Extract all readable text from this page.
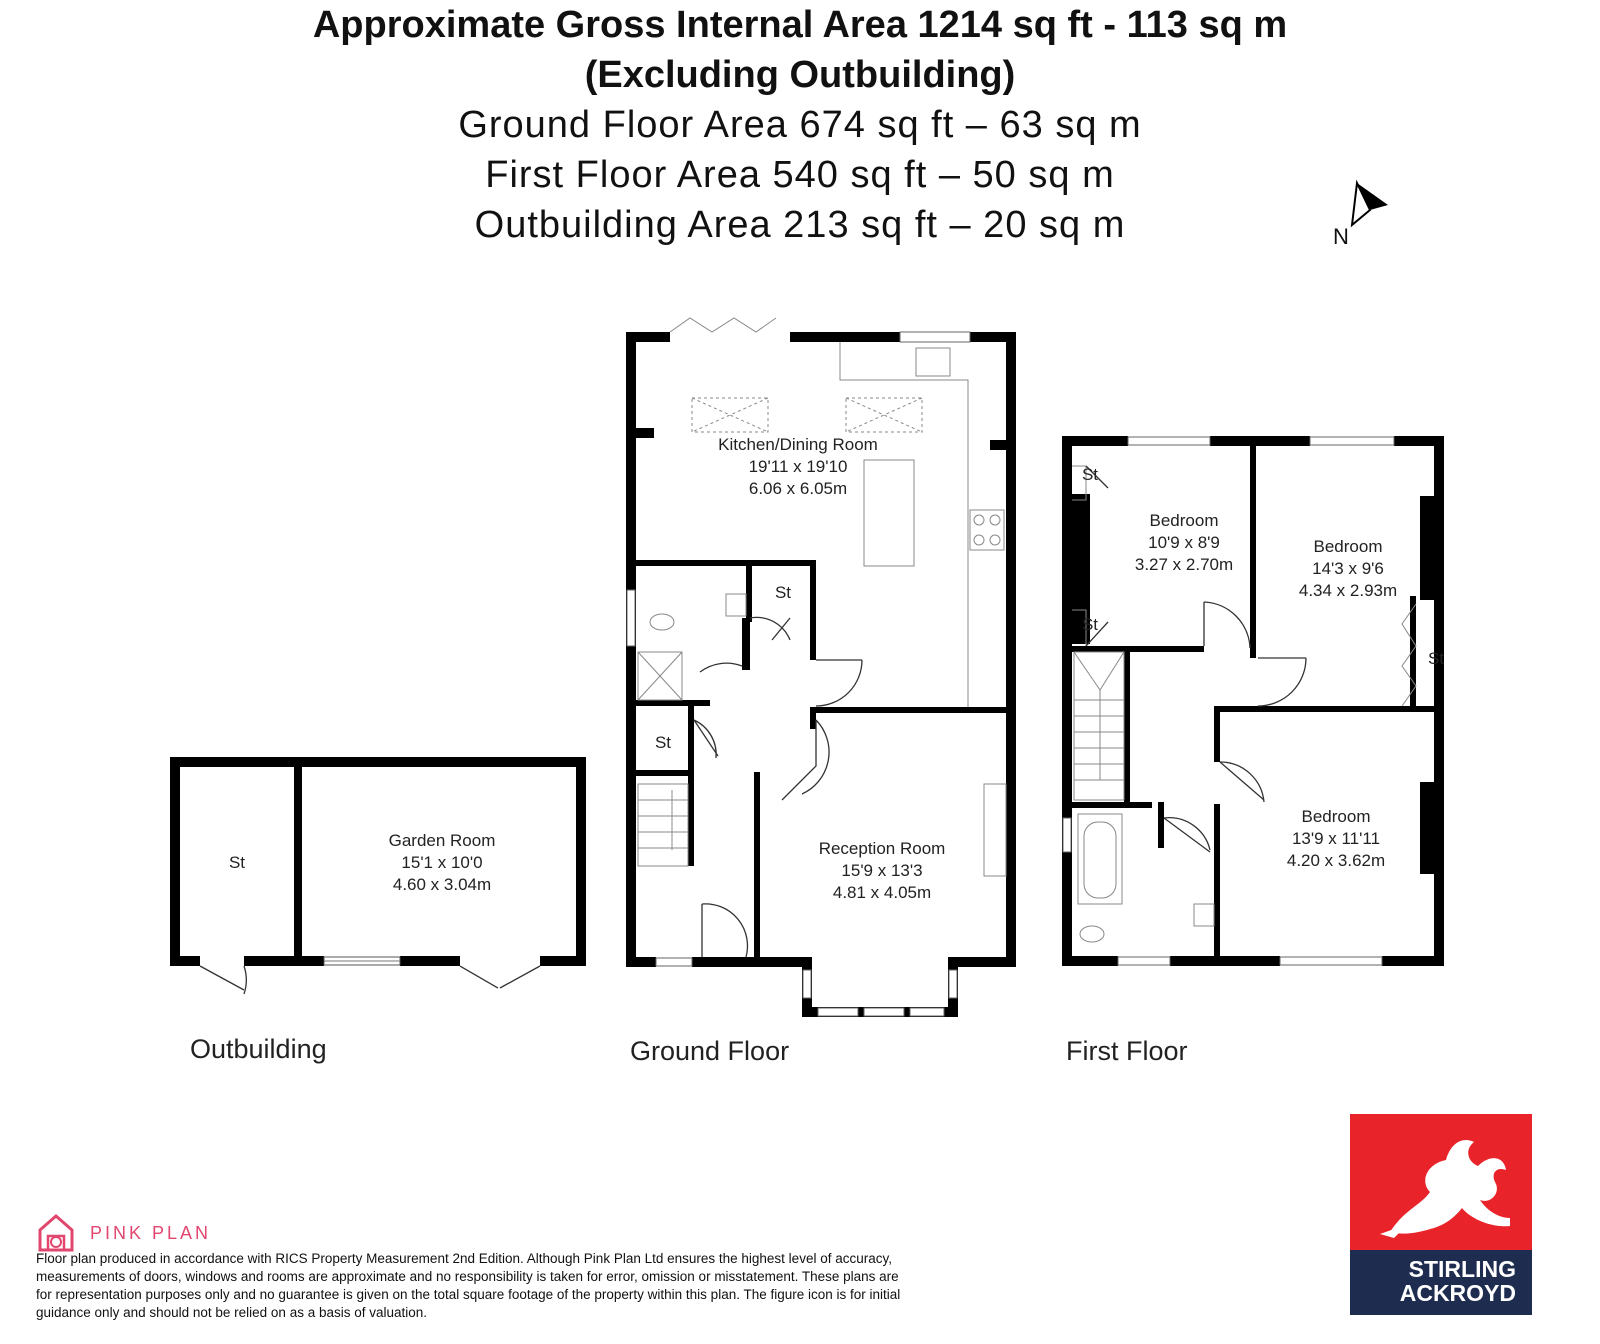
Approximate Gross Internal Area 1214 sq ft - 113 sq m
(Excluding Outbuilding)
Ground Floor Area 674 sq ft – 63 sq m
First Floor Area 540 sq ft – 50 sq m
Outbuilding Area 213 sq ft – 20 sq m	N
Kitchen/Dining Room
19'11 x 19'10
6.06 x 6.05m
Reception Room
15'9 x 13'3
4.81 x 4.05m
Garden Room
15'1 x 10'0
4.60 x 3.04m
Bedroom
10'9 x 8'9
3.27 x 2.70m
Bedroom
14'3 x 9'6
4.34 x 2.93m
Bedroom
13'9 x 11'11
4.20 x 3.62m
St
St
St
St
St
St
Outbuilding	Ground Floor	First Floor
PINK PLAN
Floor plan produced in accordance with RICS Property Measurement 2nd Edition. Although Pink Plan Ltd ensures the highest level of accuracy, measurements of doors, windows and rooms are approximate and no responsibility is taken for error, omission or misstatement. These plans are for representation purposes only and no guarantee is given on the total square footage of the property within this plan. The figure icon is for initial guidance only and should not be relied on as a basis of valuation.
STIRLING
ACKROYD
